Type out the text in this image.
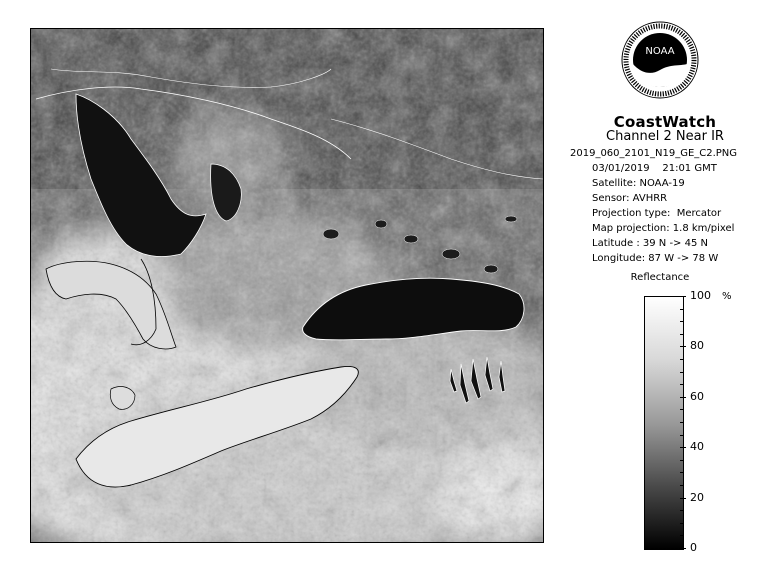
NOAA
CoastWatch
Channel 2 Near IR
2019_060_2101_N19_GE_C2.PNG
03/01/2019    21:01 GMT
Satellite: NOAA-19
Sensor: AVHRR
Projection type:  Mercator
Map projection: 1.8 km/pixel
Latitude : 39 N -> 45 N
Longitude: 87 W -> 78 W
Reflectance
%
100
80
60
40
20
0
